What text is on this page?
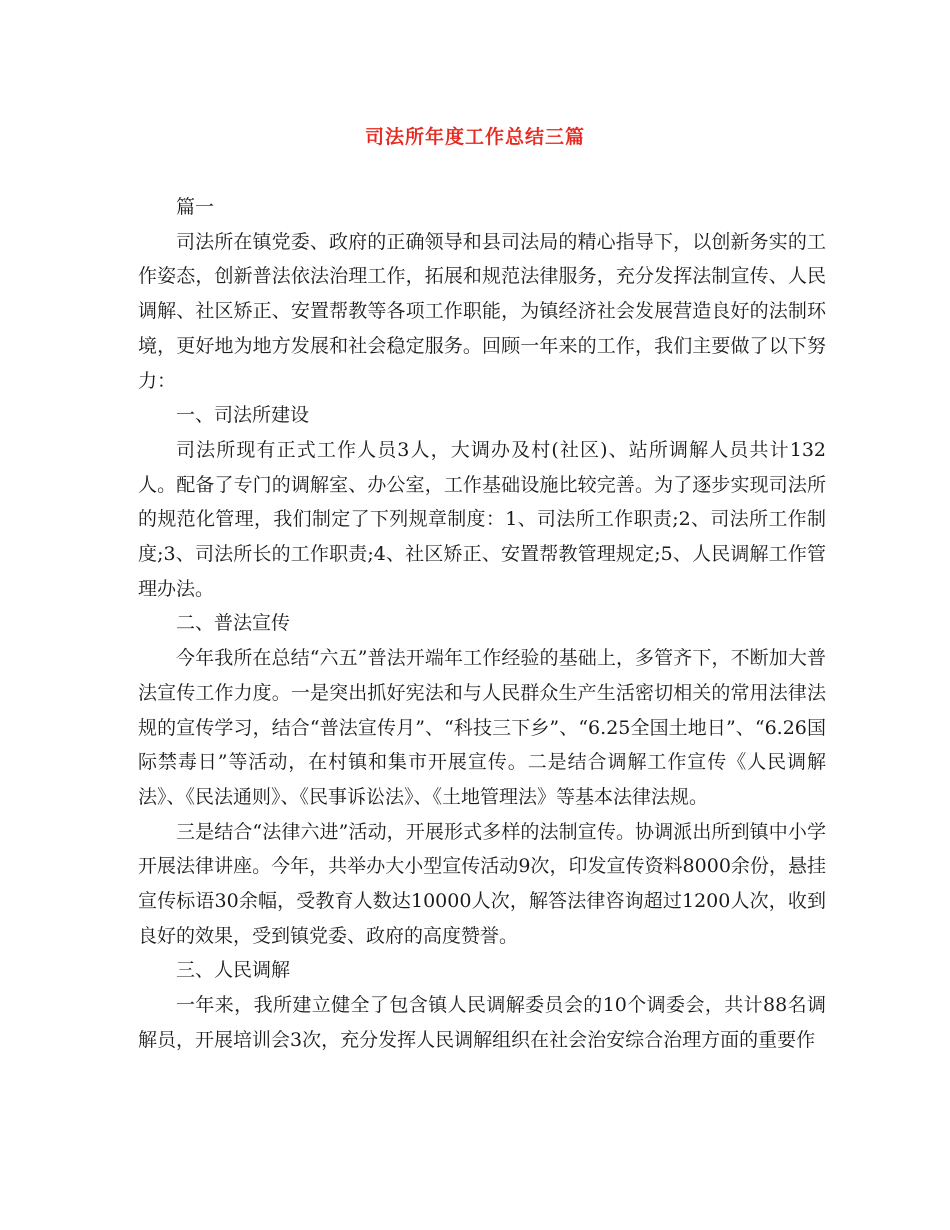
司法所年度工作总结三篇

篇一

司法所在镇党委、政府的正确领导和县司法局的精心指导下，以创新务实的工作姿态，创新普法依法治理工作，拓展和规范法律服务，充分发挥法制宣传、人民调解、社区矫正、安置帮教等各项工作职能，为镇经济社会发展营造良好的法制环境，更好地为地方发展和社会稳定服务。回顾一年来的工作，我们主要做了以下努力：

一、司法所建设

司法所现有正式工作人员3人，大调办及村(社区)、站所调解人员共计132人。配备了专门的调解室、办公室，工作基础设施比较完善。为了逐步实现司法所的规范化管理，我们制定了下列规章制度：1、司法所工作职责;2、司法所工作制度;3、司法所长的工作职责;4、社区矫正、安置帮教管理规定;5、人民调解工作管理办法。

二、普法宣传

今年我所在总结“六五”普法开端年工作经验的基础上，多管齐下，不断加大普法宣传工作力度。一是突出抓好宪法和与人民群众生产生活密切相关的常用法律法规的宣传学习，结合“普法宣传月”、“科技三下乡”、“6.25全国土地日”、“6.26国际禁毒日”等活动，在村镇和集市开展宣传。二是结合调解工作宣传《人民调解法》、《民法通则》、《民事诉讼法》、《土地管理法》等基本法律法规。

三是结合“法律六进”活动，开展形式多样的法制宣传。协调派出所到镇中小学开展法律讲座。今年，共举办大小型宣传活动9次，印发宣传资料8000余份，悬挂宣传标语30余幅，受教育人数达10000人次，解答法律咨询超过1200人次，收到良好的效果，受到镇党委、政府的高度赞誉。

三、人民调解

一年来，我所建立健全了包含镇人民调解委员会的10个调委会，共计88名调解员，开展培训会3次，充分发挥人民调解组织在社会治安综合治理方面的重要作
